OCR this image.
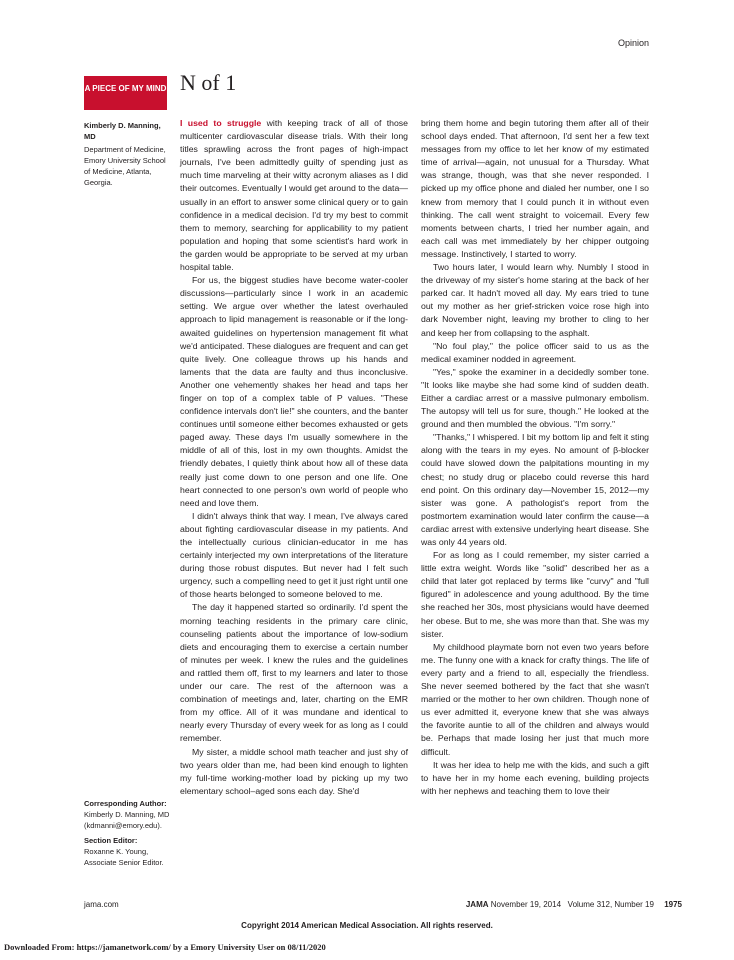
Opinion
A PIECE OF MY MIND N of 1
Kimberly D. Manning, MD
Department of Medicine, Emory University School of Medicine, Atlanta, Georgia.

I used to struggle with keeping track of all of those multicenter cardiovascular disease trials. With their long titles sprawling across the front pages of high-impact journals, I've been admittedly guilty of spending just as much time marveling at their witty acronym aliases as I did their outcomes. Eventually I would get around to the data—usually in an effort to answer some clinical query or to gain confidence in a medical decision. I'd try my best to commit them to memory, searching for applicability to my patient population and hoping that some scientist's hard work in the garden would be appropriate to be served at my urban hospital table.

For us, the biggest studies have become water-cooler discussions—particularly since I work in an academic setting. We argue over whether the latest overhauled approach to lipid management is reasonable or if the long-awaited guidelines on hypertension management fit what we'd anticipated. These dialogues are frequent and can get quite lively. One colleague throws up his hands and laments that the data are faulty and thus inconclusive. Another one vehemently shakes her head and taps her finger on top of a complex table of P values. "These confidence intervals don't lie!" she counters, and the banter continues until someone either becomes exhausted or gets paged away. These days I'm usually somewhere in the middle of all of this, lost in my own thoughts. Amidst the friendly debates, I quietly think about how all of these data really just come down to one person and one life. One heart connected to one person's own world of people who need and love them.

I didn't always think that way. I mean, I've always cared about fighting cardiovascular disease in my patients. And the intellectually curious clinician-educator in me has certainly interjected my own interpretations of the literature during those robust disputes. But never had I felt such urgency, such a compelling need to get it just right until one of those hearts belonged to someone beloved to me.

The day it happened started so ordinarily. I'd spent the morning teaching residents in the primary care clinic, counseling patients about the importance of low-sodium diets and encouraging them to exercise a certain number of minutes per week. I knew the rules and the guidelines and rattled them off, first to my learners and later to those under our care. The rest of the afternoon was a combination of meetings and, later, charting on the EMR from my office. All of it was mundane and identical to nearly every Thursday of every week for as long as I could remember.

My sister, a middle school math teacher and just shy of two years older than me, had been kind enough to lighten my full-time working-mother load by picking up my two elementary school–aged sons each day. She'd

bring them home and begin tutoring them after all of their school days ended. That afternoon, I'd sent her a few text messages from my office to let her know of my estimated time of arrival—again, not unusual for a Thursday. What was strange, though, was that she never responded. I picked up my office phone and dialed her number, one I so knew from memory that I could punch it in without even thinking. The call went straight to voicemail. Every few moments between charts, I tried her number again, and each call was met immediately by her chipper outgoing message. Instinctively, I started to worry.

Two hours later, I would learn why. Numbly I stood in the driveway of my sister's home staring at the back of her parked car. It hadn't moved all day. My ears tried to tune out my mother as her grief-stricken voice rose high into dark November night, leaving my brother to cling to her and keep her from collapsing to the asphalt.

"No foul play," the police officer said to us as the medical examiner nodded in agreement.

"Yes," spoke the examiner in a decidedly somber tone. "It looks like maybe she had some kind of sudden death. Either a cardiac arrest or a massive pulmonary embolism. The autopsy will tell us for sure, though." He looked at the ground and then mumbled the obvious. "I'm sorry."

"Thanks," I whispered. I bit my bottom lip and felt it sting along with the tears in my eyes. No amount of β-blocker could have slowed down the palpitations mounting in my chest; no study drug or placebo could reverse this hard end point. On this ordinary day—November 15, 2012—my sister was gone. A pathologist's report from the postmortem examination would later confirm the cause—a cardiac arrest with extensive underlying heart disease. She was only 44 years old.

For as long as I could remember, my sister carried a little extra weight. Words like "solid" described her as a child that later got replaced by terms like "curvy" and "full figured" in adolescence and young adulthood. By the time she reached her 30s, most physicians would have deemed her obese. But to me, she was more than that. She was my sister.

My childhood playmate born not even two years before me. The funny one with a knack for crafty things. The life of every party and a friend to all, especially the friendless. She never seemed bothered by the fact that she wasn't married or the mother to her own children. Though none of us ever admitted it, everyone knew that she was always the favorite auntie to all of the children and always would be. Perhaps that made losing her just that much more difficult.

It was her idea to help me with the kids, and such a gift to have her in my home each evening, building projects with her nephews and teaching them to love their

Corresponding Author:
Kimberly D. Manning, MD (kdmanni@emory.edu).
Section Editor:
Roxanne K. Young, Associate Senior Editor.
jama.com	JAMA November 19, 2014   Volume 312, Number 19 1975
Copyright 2014 American Medical Association. All rights reserved.
Downloaded From: https://jamanetwork.com/ by a Emory University User on 08/11/2020
